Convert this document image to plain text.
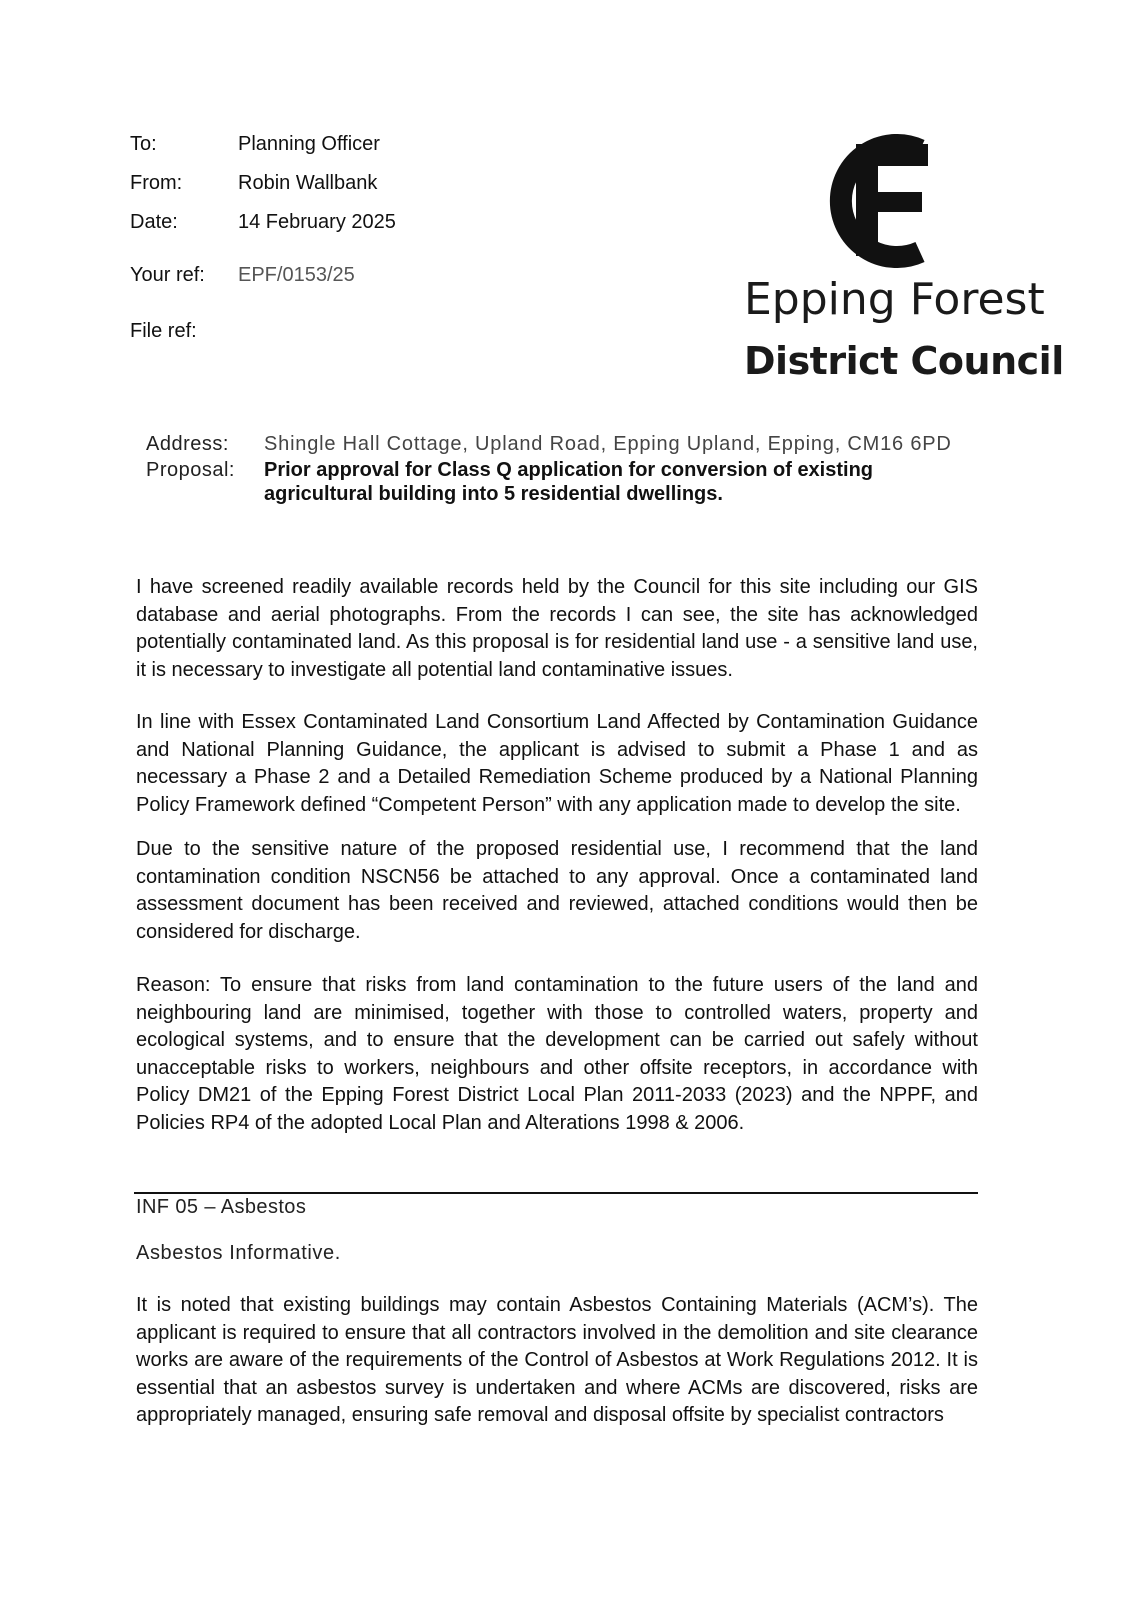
To:	Planning Officer
From:	Robin Wallbank
Date:	14 February 2025
Your ref:	EPF/0153/25
File ref:
Epping Forest
District Council
Address:	Shingle Hall Cottage, Upland Road, Epping Upland, Epping, CM16 6PD
Proposal:	Prior approval for Class Q application for conversion of existing agricultural building into 5 residential dwellings.

I have screened readily available records held by the Council for this site including our GIS database and aerial photographs. From the records I can see, the site has acknowledged potentially contaminated land. As this proposal is for residential land use - a sensitive land use, it is necessary to investigate all potential land contaminative issues.

In line with Essex Contaminated Land Consortium Land Affected by Contamination Guidance and National Planning Guidance, the applicant is advised to submit a Phase 1 and as necessary a Phase 2 and a Detailed Remediation Scheme produced by a National Planning Policy Framework defined “Competent Person” with any application made to develop the site.

Due to the sensitive nature of the proposed residential use, I recommend that the land contamination condition NSCN56 be attached to any approval. Once a contaminated land assessment document has been received and reviewed, attached conditions would then be considered for discharge.

Reason: To ensure that risks from land contamination to the future users of the land and neighbouring land are minimised, together with those to controlled waters, property and ecological systems, and to ensure that the development can be carried out safely without unacceptable risks to workers, neighbours and other offsite receptors, in accordance with Policy DM21 of the Epping Forest District Local Plan 2011-2033 (2023) and the NPPF, and Policies RP4 of the adopted Local Plan and Alterations 1998 & 2006.

INF 05 – Asbestos
Asbestos Informative.

It is noted that existing buildings may contain Asbestos Containing Materials (ACM’s). The applicant is required to ensure that all contractors involved in the demolition and site clearance works are aware of the requirements of the Control of Asbestos at Work Regulations 2012. It is essential that an asbestos survey is undertaken and where ACMs are discovered, risks are appropriately managed, ensuring safe removal and disposal offsite by specialist contractors
